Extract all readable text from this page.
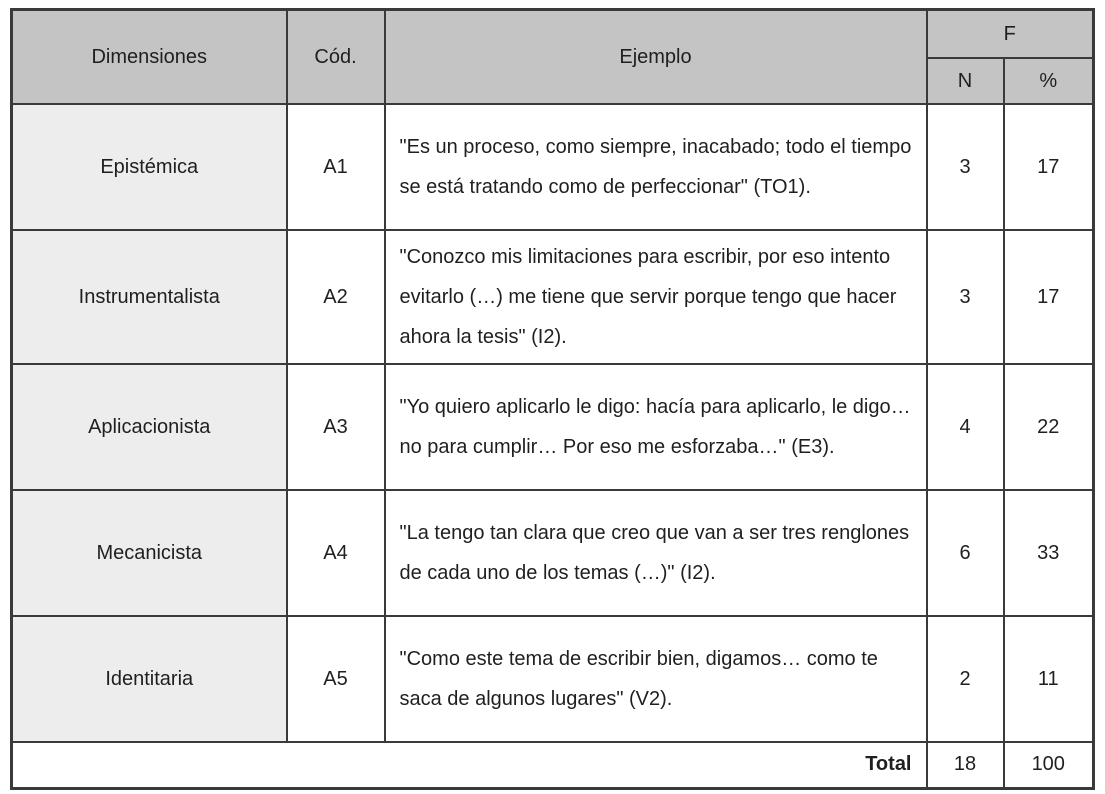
Dimensiones	Cód.	Ejemplo	F	
			N	%
Epistémica	A1	"Es un proceso, como siempre, inacabado; todo el tiempo se está tratando como de perfeccionar" (TO1).	3	17
Instrumentalista	A2	"Conozco mis limitaciones para escribir, por eso intento evitarlo (…) me tiene que servir porque tengo que hacer ahora la tesis" (I2).	3	17
Aplicacionista	A3	"Yo quiero aplicarlo le digo: hacía para aplicarlo, le digo… no para cumplir… Por eso me esforzaba…" (E3).	4	22
Mecanicista	A4	"La tengo tan clara que creo que van a ser tres renglones de cada uno de los temas (…)" (I2).	6	33
Identitaria	A5	"Como este tema de escribir bien, digamos… como te saca de algunos lugares" (V2).	2	11
Total			18	100
